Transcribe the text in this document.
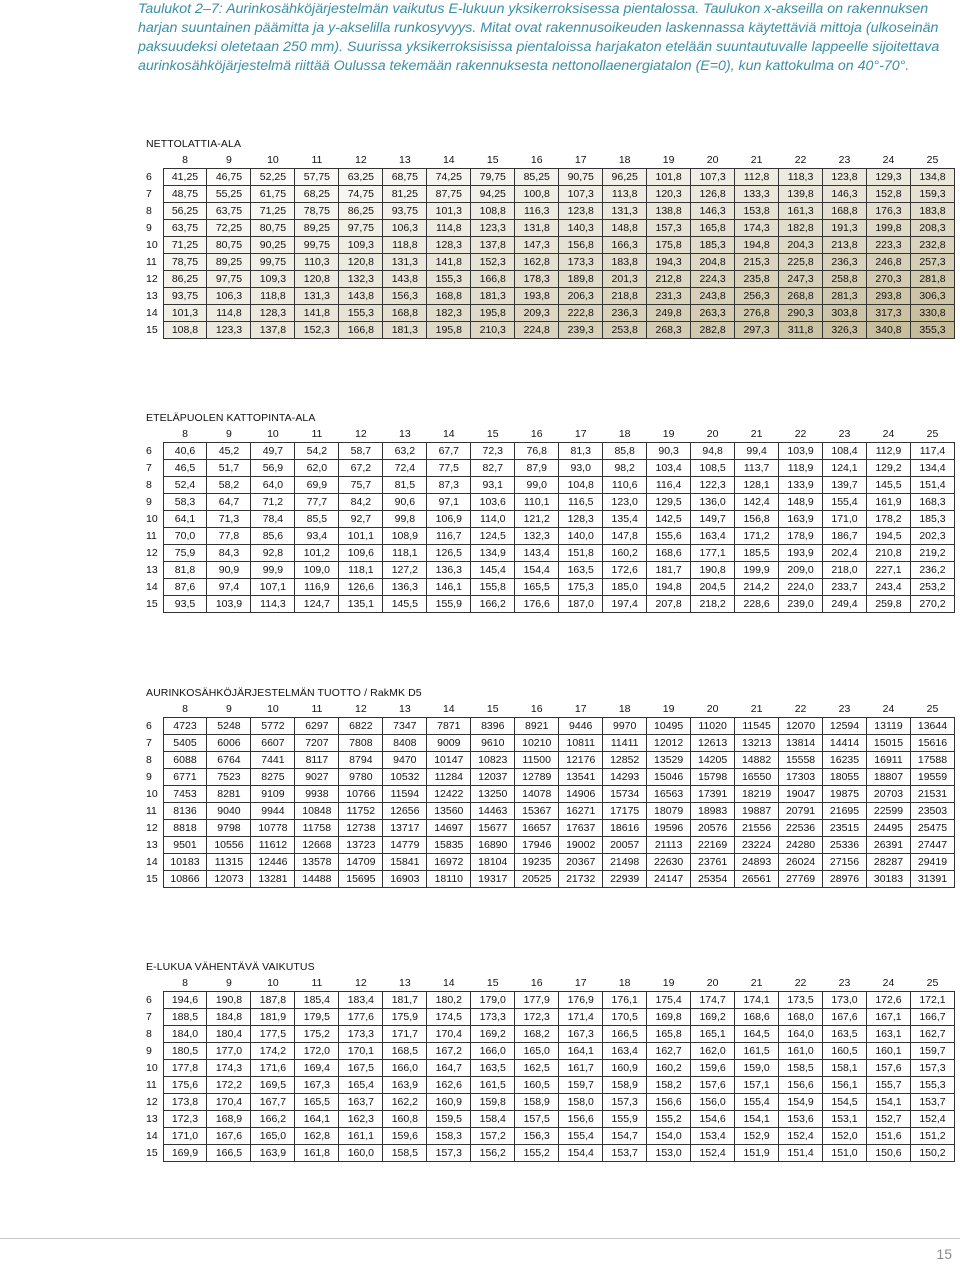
Taulukot 2–7: Aurinkosähköjärjestelmän vaikutus E-lukuun yksikerroksisessa pientalossa. Taulukon x-akseilla on rakennuksen harjan suuntainen päämitta ja y-akselilla runkosyvyys. Mitat ovat rakennusoikeuden laskennassa käytettäviä mittoja (ulkoseinän paksuudeksi oletetaan 250 mm). Suurissa yksikerroksisissa pientaloissa harjakaton etelään suuntautuvalle lappeelle sijoitettava aurinkosähköjärjestelmä riittää Oulussa tekemään rakennuksesta nettonollaenergiatalon (E=0), kun kattokulma on 40°-70°.

NETTOLATTIA-ALA
	8	9	10	11	12	13	14	15	16	17	18	19	20	21	22	23	24	25
6	41,25	46,75	52,25	57,75	63,25	68,75	74,25	79,75	85,25	90,75	96,25	101,8	107,3	112,8	118,3	123,8	129,3	134,8
7	48,75	55,25	61,75	68,25	74,75	81,25	87,75	94,25	100,8	107,3	113,8	120,3	126,8	133,3	139,8	146,3	152,8	159,3
8	56,25	63,75	71,25	78,75	86,25	93,75	101,3	108,8	116,3	123,8	131,3	138,8	146,3	153,8	161,3	168,8	176,3	183,8
9	63,75	72,25	80,75	89,25	97,75	106,3	114,8	123,3	131,8	140,3	148,8	157,3	165,8	174,3	182,8	191,3	199,8	208,3
10	71,25	80,75	90,25	99,75	109,3	118,8	128,3	137,8	147,3	156,8	166,3	175,8	185,3	194,8	204,3	213,8	223,3	232,8
11	78,75	89,25	99,75	110,3	120,8	131,3	141,8	152,3	162,8	173,3	183,8	194,3	204,8	215,3	225,8	236,3	246,8	257,3
12	86,25	97,75	109,3	120,8	132,3	143,8	155,3	166,8	178,3	189,8	201,3	212,8	224,3	235,8	247,3	258,8	270,3	281,8
13	93,75	106,3	118,8	131,3	143,8	156,3	168,8	181,3	193,8	206,3	218,8	231,3	243,8	256,3	268,8	281,3	293,8	306,3
14	101,3	114,8	128,3	141,8	155,3	168,8	182,3	195,8	209,3	222,8	236,3	249,8	263,3	276,8	290,3	303,8	317,3	330,8
15	108,8	123,3	137,8	152,3	166,8	181,3	195,8	210,3	224,8	239,3	253,8	268,3	282,8	297,3	311,8	326,3	340,8	355,3
ETELÄPUOLEN KATTOPINTA-ALA
	8	9	10	11	12	13	14	15	16	17	18	19	20	21	22	23	24	25
6	40,6	45,2	49,7	54,2	58,7	63,2	67,7	72,3	76,8	81,3	85,8	90,3	94,8	99,4	103,9	108,4	112,9	117,4
7	46,5	51,7	56,9	62,0	67,2	72,4	77,5	82,7	87,9	93,0	98,2	103,4	108,5	113,7	118,9	124,1	129,2	134,4
8	52,4	58,2	64,0	69,9	75,7	81,5	87,3	93,1	99,0	104,8	110,6	116,4	122,3	128,1	133,9	139,7	145,5	151,4
9	58,3	64,7	71,2	77,7	84,2	90,6	97,1	103,6	110,1	116,5	123,0	129,5	136,0	142,4	148,9	155,4	161,9	168,3
10	64,1	71,3	78,4	85,5	92,7	99,8	106,9	114,0	121,2	128,3	135,4	142,5	149,7	156,8	163,9	171,0	178,2	185,3
11	70,0	77,8	85,6	93,4	101,1	108,9	116,7	124,5	132,3	140,0	147,8	155,6	163,4	171,2	178,9	186,7	194,5	202,3
12	75,9	84,3	92,8	101,2	109,6	118,1	126,5	134,9	143,4	151,8	160,2	168,6	177,1	185,5	193,9	202,4	210,8	219,2
13	81,8	90,9	99,9	109,0	118,1	127,2	136,3	145,4	154,4	163,5	172,6	181,7	190,8	199,9	209,0	218,0	227,1	236,2
14	87,6	97,4	107,1	116,9	126,6	136,3	146,1	155,8	165,5	175,3	185,0	194,8	204,5	214,2	224,0	233,7	243,4	253,2
15	93,5	103,9	114,3	124,7	135,1	145,5	155,9	166,2	176,6	187,0	197,4	207,8	218,2	228,6	239,0	249,4	259,8	270,2
AURINKOSÄHKÖJÄRJESTELMÄN TUOTTO / RakMK D5
	8	9	10	11	12	13	14	15	16	17	18	19	20	21	22	23	24	25
6	4723	5248	5772	6297	6822	7347	7871	8396	8921	9446	9970	10495	11020	11545	12070	12594	13119	13644
7	5405	6006	6607	7207	7808	8408	9009	9610	10210	10811	11411	12012	12613	13213	13814	14414	15015	15616
8	6088	6764	7441	8117	8794	9470	10147	10823	11500	12176	12852	13529	14205	14882	15558	16235	16911	17588
9	6771	7523	8275	9027	9780	10532	11284	12037	12789	13541	14293	15046	15798	16550	17303	18055	18807	19559
10	7453	8281	9109	9938	10766	11594	12422	13250	14078	14906	15734	16563	17391	18219	19047	19875	20703	21531
11	8136	9040	9944	10848	11752	12656	13560	14463	15367	16271	17175	18079	18983	19887	20791	21695	22599	23503
12	8818	9798	10778	11758	12738	13717	14697	15677	16657	17637	18616	19596	20576	21556	22536	23515	24495	25475
13	9501	10556	11612	12668	13723	14779	15835	16890	17946	19002	20057	21113	22169	23224	24280	25336	26391	27447
14	10183	11315	12446	13578	14709	15841	16972	18104	19235	20367	21498	22630	23761	24893	26024	27156	28287	29419
15	10866	12073	13281	14488	15695	16903	18110	19317	20525	21732	22939	24147	25354	26561	27769	28976	30183	31391
E-LUKUA VÄHENTÄVÄ VAIKUTUS
	8	9	10	11	12	13	14	15	16	17	18	19	20	21	22	23	24	25
6	194,6	190,8	187,8	185,4	183,4	181,7	180,2	179,0	177,9	176,9	176,1	175,4	174,7	174,1	173,5	173,0	172,6	172,1
7	188,5	184,8	181,9	179,5	177,6	175,9	174,5	173,3	172,3	171,4	170,5	169,8	169,2	168,6	168,0	167,6	167,1	166,7
8	184,0	180,4	177,5	175,2	173,3	171,7	170,4	169,2	168,2	167,3	166,5	165,8	165,1	164,5	164,0	163,5	163,1	162,7
9	180,5	177,0	174,2	172,0	170,1	168,5	167,2	166,0	165,0	164,1	163,4	162,7	162,0	161,5	161,0	160,5	160,1	159,7
10	177,8	174,3	171,6	169,4	167,5	166,0	164,7	163,5	162,5	161,7	160,9	160,2	159,6	159,0	158,5	158,1	157,6	157,3
11	175,6	172,2	169,5	167,3	165,4	163,9	162,6	161,5	160,5	159,7	158,9	158,2	157,6	157,1	156,6	156,1	155,7	155,3
12	173,8	170,4	167,7	165,5	163,7	162,2	160,9	159,8	158,9	158,0	157,3	156,6	156,0	155,4	154,9	154,5	154,1	153,7
13	172,3	168,9	166,2	164,1	162,3	160,8	159,5	158,4	157,5	156,6	155,9	155,2	154,6	154,1	153,6	153,1	152,7	152,4
14	171,0	167,6	165,0	162,8	161,1	159,6	158,3	157,2	156,3	155,4	154,7	154,0	153,4	152,9	152,4	152,0	151,6	151,2
15	169,9	166,5	163,9	161,8	160,0	158,5	157,3	156,2	155,2	154,4	153,7	153,0	152,4	151,9	151,4	151,0	150,6	150,2
15
